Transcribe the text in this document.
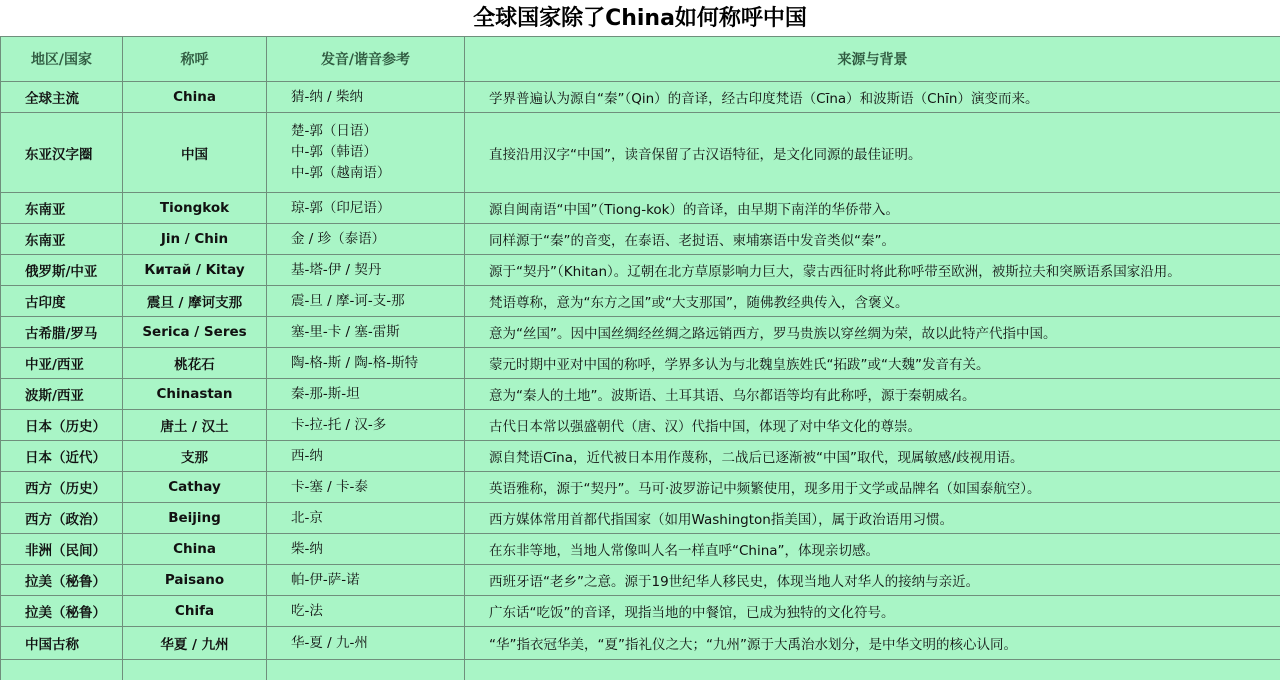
全球国家除了China如何称呼中国
地区/国家	称呼	发音/谐音参考	来源与背景
全球主流	China	猜-纳 / 柴纳	学界普遍认为源自“秦”（Qin）的音译，经古印度梵语（Cīna）和波斯语（Chīn）演变而来。
东亚汉字圈	中国	楚-郭（日语）
中-郭（韩语）
中-郭（越南语）	直接沿用汉字“中国”，读音保留了古汉语特征，是文化同源的最佳证明。
东南亚	Tiongkok	琼-郭（印尼语）	源自闽南语“中国”（Tiong-kok）的音译，由早期下南洋的华侨带入。
东南亚	Jin / Chin	金 / 珍（泰语）	同样源于“秦”的音变，在泰语、老挝语、柬埔寨语中发音类似“秦”。
俄罗斯/中亚	Китай / Kitay	基-塔-伊 / 契丹	源于“契丹”（Khitan）。辽朝在北方草原影响力巨大，蒙古西征时将此称呼带至欧洲，被斯拉夫和突厥语系国家沿用。
古印度	震旦 / 摩诃支那	震-旦 / 摩-诃-支-那	梵语尊称，意为“东方之国”或“大支那国”，随佛教经典传入，含褒义。
古希腊/罗马	Serica / Seres	塞-里-卡 / 塞-雷斯	意为“丝国”。因中国丝绸经丝绸之路远销西方，罗马贵族以穿丝绸为荣，故以此特产代指中国。
中亚/西亚	桃花石	陶-格-斯 / 陶-格-斯特	蒙元时期中亚对中国的称呼，学界多认为与北魏皇族姓氏“拓跋”或“大魏”发音有关。
波斯/西亚	Chinastan	秦-那-斯-坦	意为“秦人的土地”。波斯语、土耳其语、乌尔都语等均有此称呼，源于秦朝威名。
日本（历史）	唐土 / 汉土	卡-拉-托 / 汉-多	古代日本常以强盛朝代（唐、汉）代指中国，体现了对中华文化的尊崇。
日本（近代）	支那	西-纳	源自梵语Cīna，近代被日本用作蔑称，二战后已逐渐被“中国”取代，现属敏感/歧视用语。
西方（历史）	Cathay	卡-塞 / 卡-泰	英语雅称，源于“契丹”。马可·波罗游记中频繁使用，现多用于文学或品牌名（如国泰航空）。
西方（政治）	Beijing	北-京	西方媒体常用首都代指国家（如用Washington指美国），属于政治语用习惯。
非洲（民间）	China	柴-纳	在东非等地，当地人常像叫人名一样直呼“China”，体现亲切感。
拉美（秘鲁）	Paisano	帕-伊-萨-诺	西班牙语“老乡”之意。源于19世纪华人移民史，体现当地人对华人的接纳与亲近。
拉美（秘鲁）	Chifa	吃-法	广东话“吃饭”的音译，现指当地的中餐馆，已成为独特的文化符号。
中国古称	华夏 / 九州	华-夏 / 九-州	“华”指衣冠华美，“夏”指礼仪之大；“九州”源于大禹治水划分，是中华文明的核心认同。
